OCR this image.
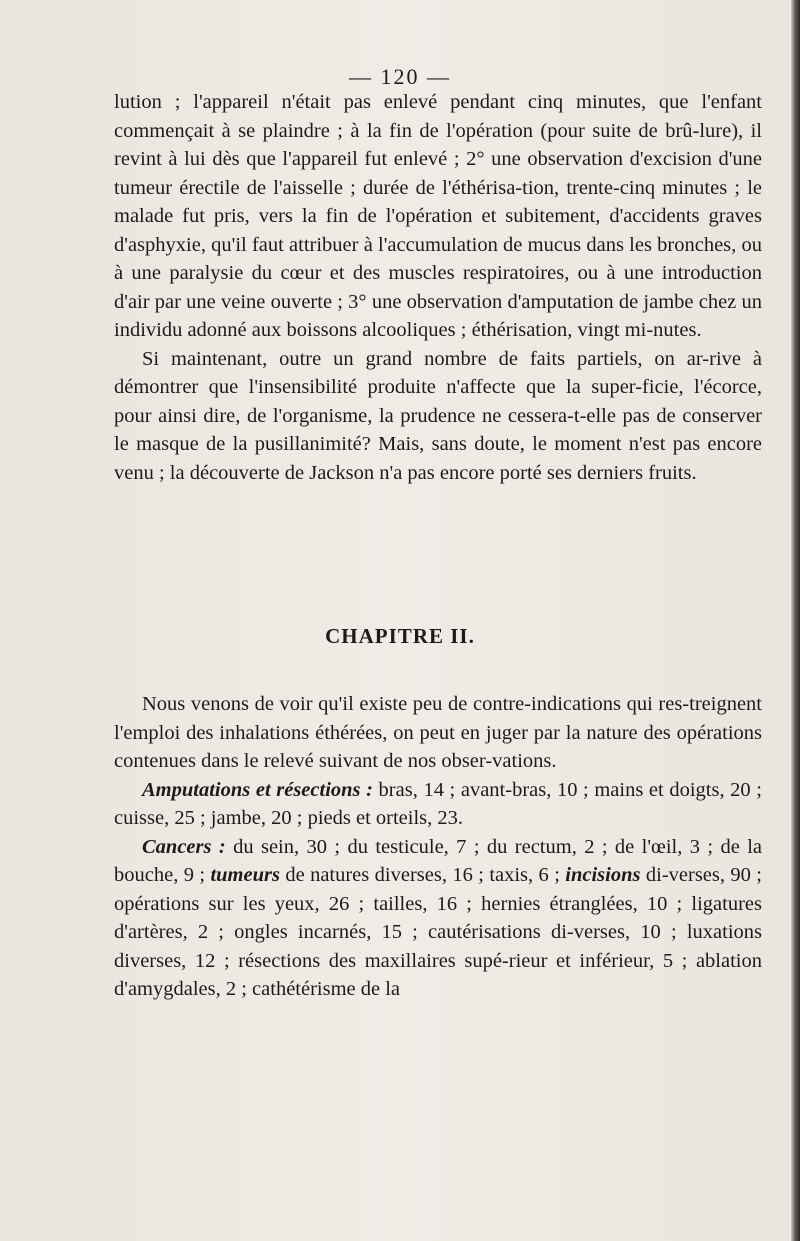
— 120 —

lution ; l'appareil n'était pas enlevé pendant cinq minutes, que l'enfant commençait à se plaindre ; à la fin de l'opération (pour suite de brû-lure), il revint à lui dès que l'appareil fut enlevé ; 2° une observation d'excision d'une tumeur érectile de l'aisselle ; durée de l'éthérisa-tion, trente-cinq minutes ; le malade fut pris, vers la fin de l'opération et subitement, d'accidents graves d'asphyxie, qu'il faut attribuer à l'accumulation de mucus dans les bronches, ou à une paralysie du cœur et des muscles respiratoires, ou à une introduction d'air par une veine ouverte ; 3° une observation d'amputation de jambe chez un individu adonné aux boissons alcooliques ; éthérisation, vingt mi-nutes.

Si maintenant, outre un grand nombre de faits partiels, on ar-rive à démontrer que l'insensibilité produite n'affecte que la super-ficie, l'écorce, pour ainsi dire, de l'organisme, la prudence ne cessera-t-elle pas de conserver le masque de la pusillanimité? Mais, sans doute, le moment n'est pas encore venu ; la découverte de Jackson n'a pas encore porté ses derniers fruits.

CHAPITRE II.

Nous venons de voir qu'il existe peu de contre-indications qui res-treignent l'emploi des inhalations éthérées, on peut en juger par la nature des opérations contenues dans le relevé suivant de nos obser-vations.

Amputations et résections : bras, 14 ; avant-bras, 10 ; mains et doigts, 20 ; cuisse, 25 ; jambe, 20 ; pieds et orteils, 23.

Cancers : du sein, 30 ; du testicule, 7 ; du rectum, 2 ; de l'œil, 3 ; de la bouche, 9 ; tumeurs de natures diverses, 16 ; taxis, 6 ; incisions di-verses, 90 ; opérations sur les yeux, 26 ; tailles, 16 ; hernies étranglées, 10 ; ligatures d'artères, 2 ; ongles incarnés, 15 ; cautérisations di-verses, 10 ; luxations diverses, 12 ; résections des maxillaires supé-rieur et inférieur, 5 ; ablation d'amygdales, 2 ; cathétérisme de la
